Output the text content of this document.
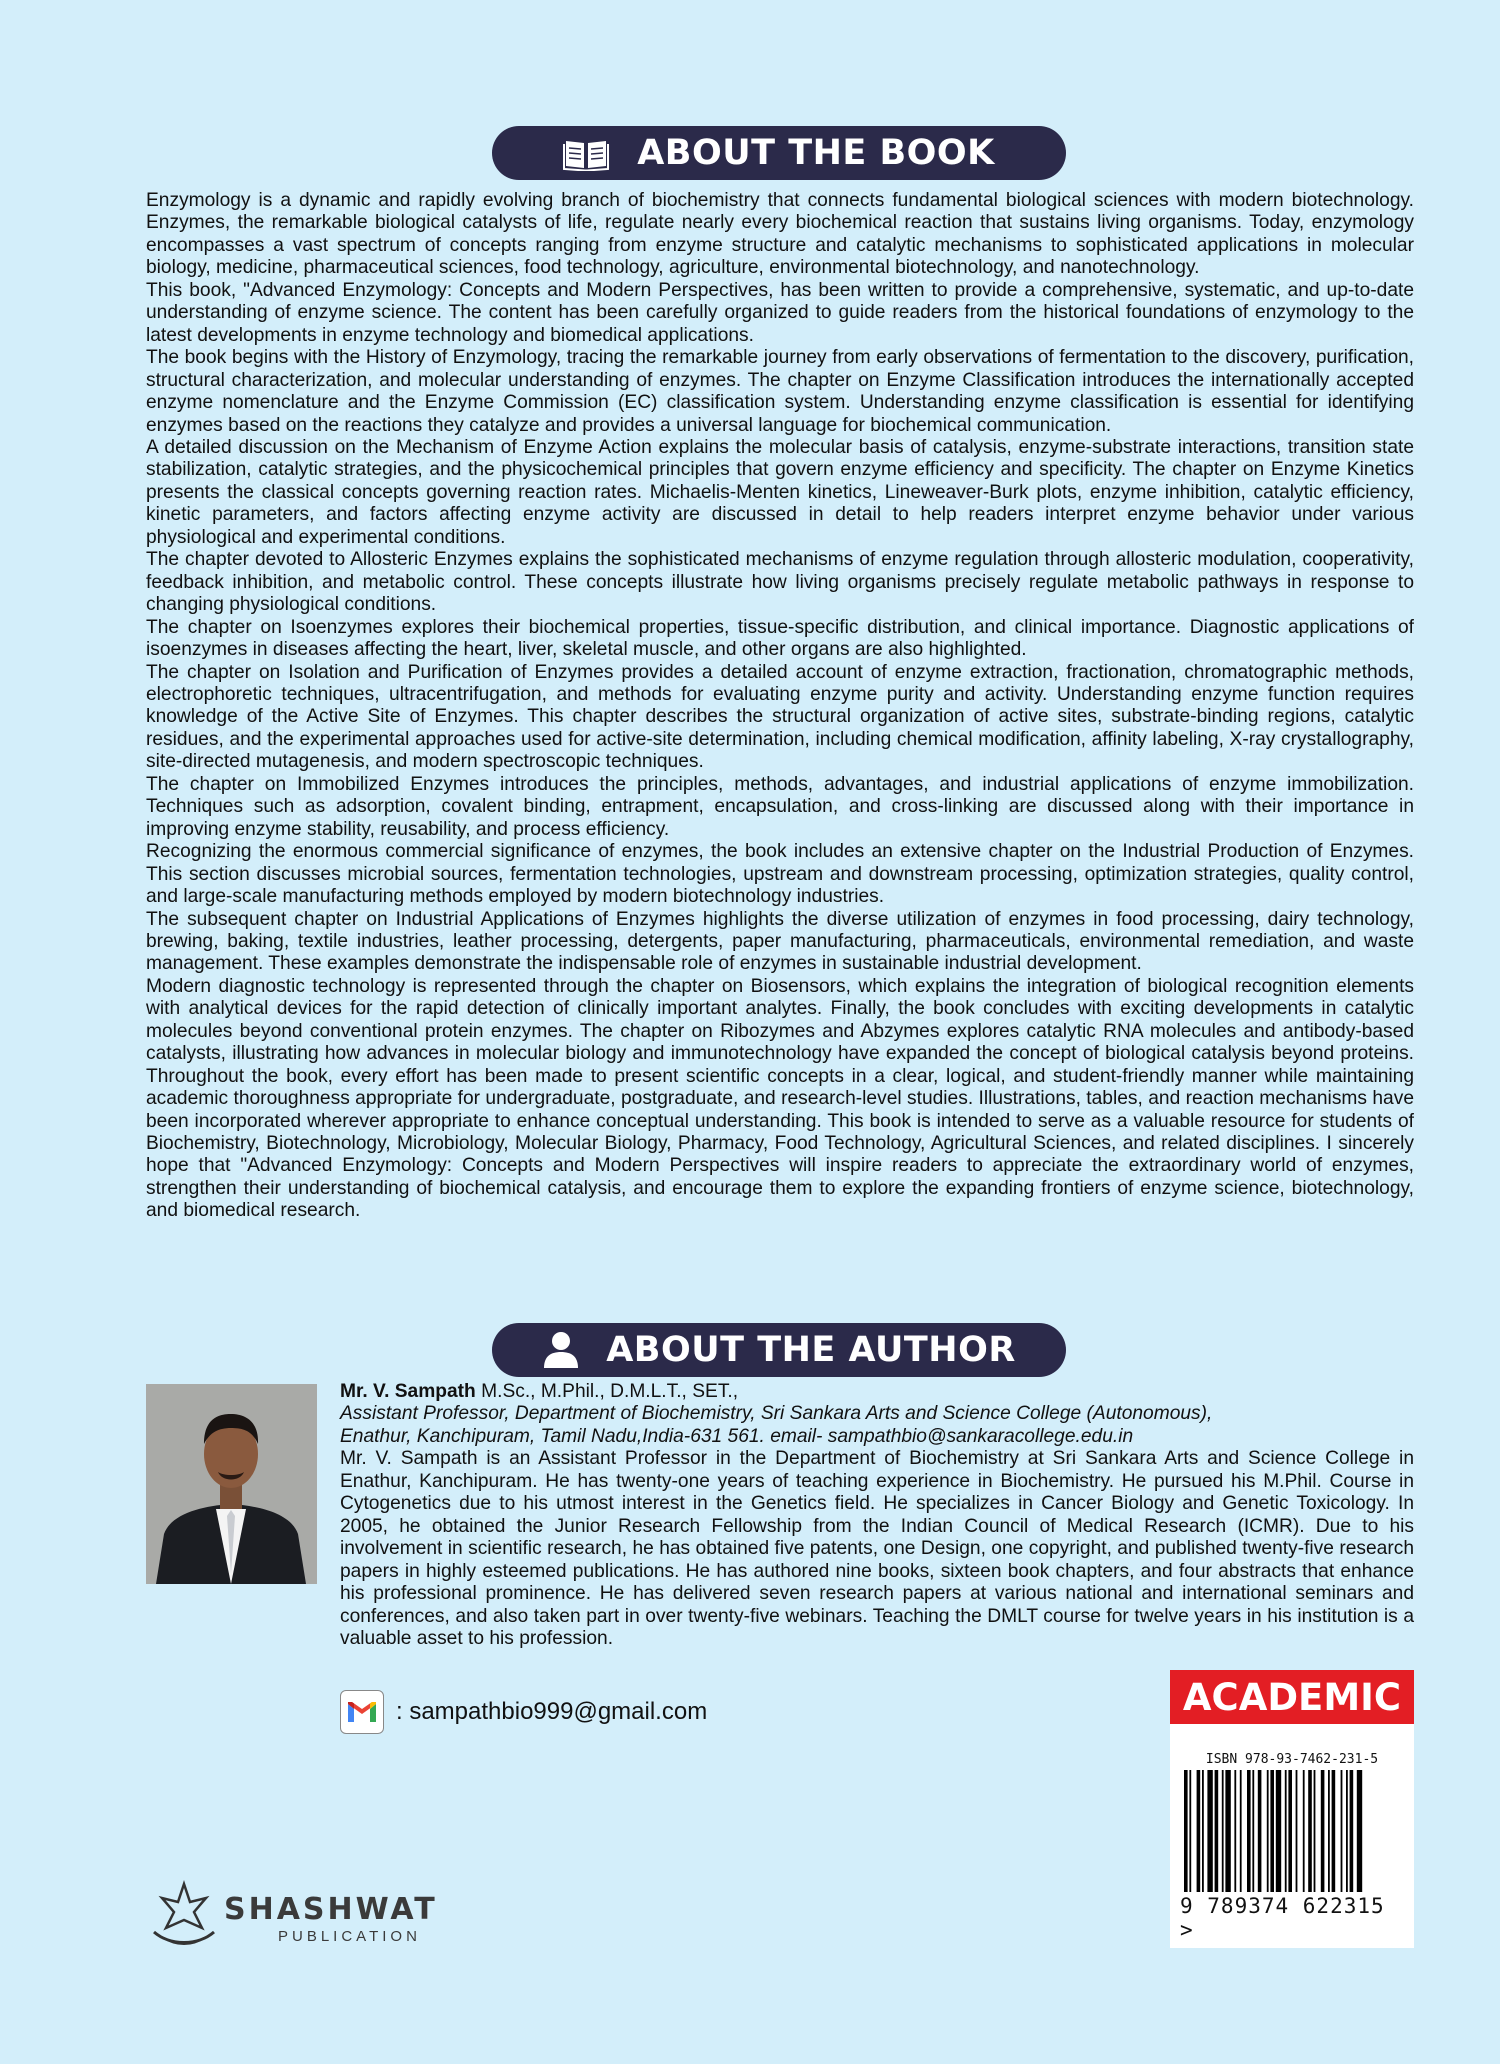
ABOUT THE BOOK

Enzymology is a dynamic and rapidly evolving branch of biochemistry that connects fundamental biological sciences with modern biotechnology. Enzymes, the remarkable biological catalysts of life, regulate nearly every biochemical reaction that sustains living organisms. Today, enzymology encompasses a vast spectrum of concepts ranging from enzyme structure and catalytic mechanisms to sophisticated applications in molecular biology, medicine, pharmaceutical sciences, food technology, agriculture, environmental biotechnology, and nanotechnology.

This book, "Advanced Enzymology: Concepts and Modern Perspectives, has been written to provide a comprehensive, systematic, and up-to-date understanding of enzyme science. The content has been carefully organized to guide readers from the historical foundations of enzymology to the latest developments in enzyme technology and biomedical applications.

The book begins with the History of Enzymology, tracing the remarkable journey from early observations of fermentation to the discovery, purification, structural characterization, and molecular understanding of enzymes. The chapter on Enzyme Classification introduces the internationally accepted enzyme nomenclature and the Enzyme Commission (EC) classification system. Understanding enzyme classification is essential for identifying enzymes based on the reactions they catalyze and provides a universal language for biochemical communication.

A detailed discussion on the Mechanism of Enzyme Action explains the molecular basis of catalysis, enzyme-substrate interactions, transition state stabilization, catalytic strategies, and the physicochemical principles that govern enzyme efficiency and specificity. The chapter on Enzyme Kinetics presents the classical concepts governing reaction rates. Michaelis-Menten kinetics, Lineweaver-Burk plots, enzyme inhibition, catalytic efficiency, kinetic parameters, and factors affecting enzyme activity are discussed in detail to help readers interpret enzyme behavior under various physiological and experimental conditions.

The chapter devoted to Allosteric Enzymes explains the sophisticated mechanisms of enzyme regulation through allosteric modulation, cooperativity, feedback inhibition, and metabolic control. These concepts illustrate how living organisms precisely regulate metabolic pathways in response to changing physiological conditions.

The chapter on Isoenzymes explores their biochemical properties, tissue-specific distribution, and clinical importance. Diagnostic applications of isoenzymes in diseases affecting the heart, liver, skeletal muscle, and other organs are also highlighted.

The chapter on Isolation and Purification of Enzymes provides a detailed account of enzyme extraction, fractionation, chromatographic methods, electrophoretic techniques, ultracentrifugation, and methods for evaluating enzyme purity and activity. Understanding enzyme function requires knowledge of the Active Site of Enzymes. This chapter describes the structural organization of active sites, substrate-binding regions, catalytic residues, and the experimental approaches used for active-site determination, including chemical modification, affinity labeling, X-ray crystallography, site-directed mutagenesis, and modern spectroscopic techniques.

The chapter on Immobilized Enzymes introduces the principles, methods, advantages, and industrial applications of enzyme immobilization. Techniques such as adsorption, covalent binding, entrapment, encapsulation, and cross-linking are discussed along with their importance in improving enzyme stability, reusability, and process efficiency.

Recognizing the enormous commercial significance of enzymes, the book includes an extensive chapter on the Industrial Production of Enzymes. This section discusses microbial sources, fermentation technologies, upstream and downstream processing, optimization strategies, quality control, and large-scale manufacturing methods employed by modern biotechnology industries.

The subsequent chapter on Industrial Applications of Enzymes highlights the diverse utilization of enzymes in food processing, dairy technology, brewing, baking, textile industries, leather processing, detergents, paper manufacturing, pharmaceuticals, environmental remediation, and waste management. These examples demonstrate the indispensable role of enzymes in sustainable industrial development.

Modern diagnostic technology is represented through the chapter on Biosensors, which explains the integration of biological recognition elements with analytical devices for the rapid detection of clinically important analytes. Finally, the book concludes with exciting developments in catalytic molecules beyond conventional protein enzymes. The chapter on Ribozymes and Abzymes explores catalytic RNA molecules and antibody-based catalysts, illustrating how advances in molecular biology and immunotechnology have expanded the concept of biological catalysis beyond proteins. Throughout the book, every effort has been made to present scientific concepts in a clear, logical, and student-friendly manner while maintaining academic thoroughness appropriate for undergraduate, postgraduate, and research-level studies. Illustrations, tables, and reaction mechanisms have been incorporated wherever appropriate to enhance conceptual understanding. This book is intended to serve as a valuable resource for students of Biochemistry, Biotechnology, Microbiology, Molecular Biology, Pharmacy, Food Technology, Agricultural Sciences, and related disciplines. I sincerely hope that "Advanced Enzymology: Concepts and Modern Perspectives will inspire readers to appreciate the extraordinary world of enzymes, strengthen their understanding of biochemical catalysis, and encourage them to explore the expanding frontiers of enzyme science, biotechnology, and biomedical research.

ABOUT THE AUTHOR

Mr. V. Sampath M.Sc., M.Phil., D.M.L.T., SET.,

Assistant Professor, Department of Biochemistry, Sri Sankara Arts and Science College (Autonomous),

Enathur, Kanchipuram, Tamil Nadu,India-631 561. email- sampathbio@sankaracollege.edu.in

Mr. V. Sampath is an Assistant Professor in the Department of Biochemistry at Sri Sankara Arts and Science College in Enathur, Kanchipuram. He has twenty-one years of teaching experience in Biochemistry. He pursued his M.Phil. Course in Cytogenetics due to his utmost interest in the Genetics field. He specializes in Cancer Biology and Genetic Toxicology. In 2005, he obtained the Junior Research Fellowship from the Indian Council of Medical Research (ICMR). Due to his involvement in scientific research, he has obtained five patents, one Design, one copyright, and published twenty-five research papers in highly esteemed publications. He has authored nine books, sixteen book chapters, and four abstracts that enhance his professional prominence. He has delivered seven research papers at various national and international seminars and conferences, and also taken part in over twenty-five webinars. Teaching the DMLT course for twelve years in his institution is a valuable asset to his profession.

: sampathbio999@gmail.com	ACADEMIC
ISBN 978-93-7462-231-5
9 789374 622315 >
SHASHWAT
PUBLICATION
